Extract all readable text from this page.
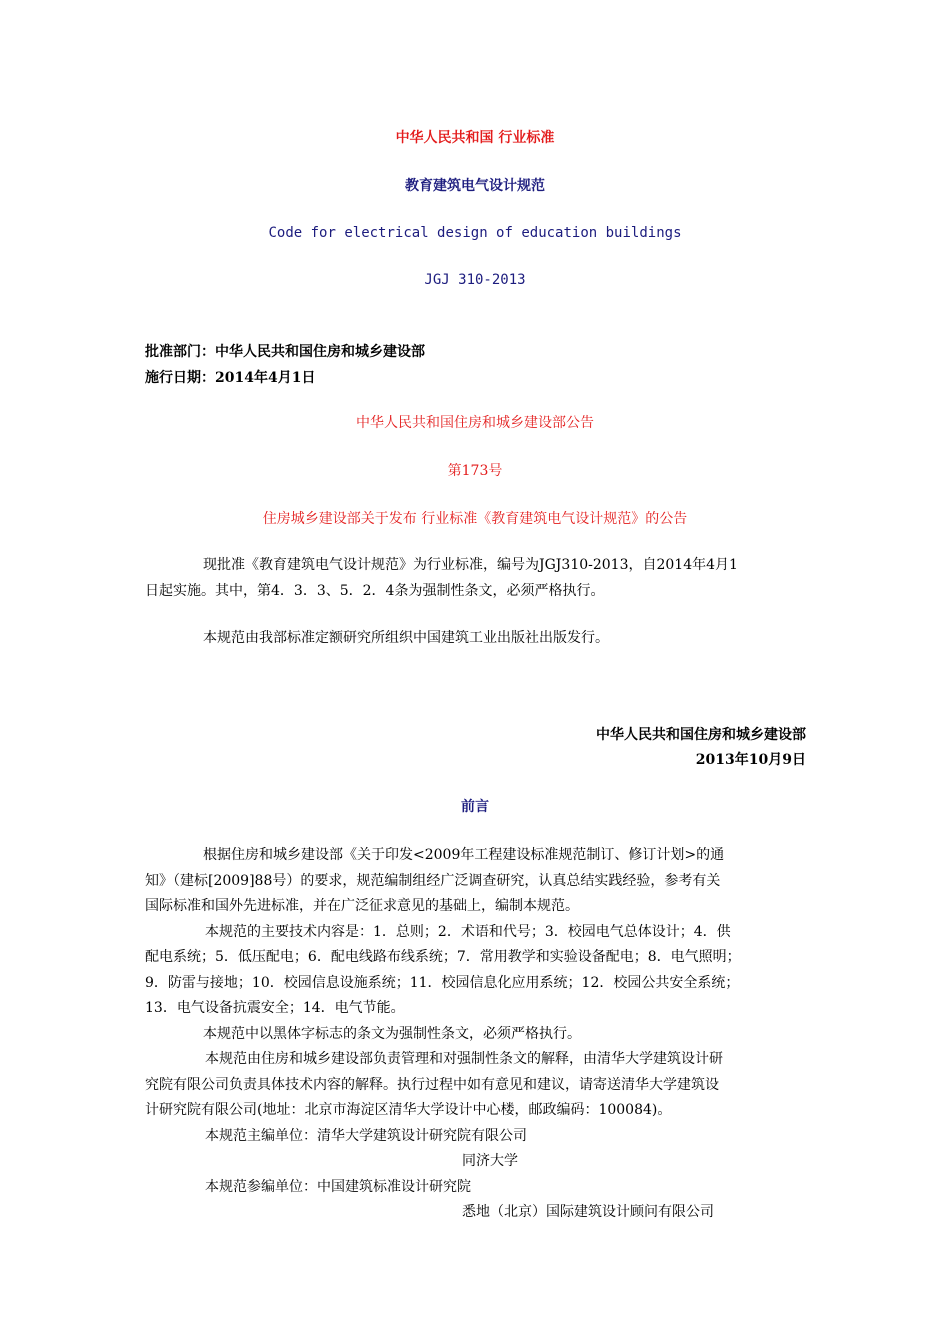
中华人民共和国 行业标准
教育建筑电气设计规范
Code for electrical design of education buildings
JGJ 310-2013
批准部门：中华人民共和国住房和城乡建设部
施行日期：2014年4月1日
中华人民共和国住房和城乡建设部公告
第173号
住房城乡建设部关于发布 行业标准《教育建筑电气设计规范》的公告
现批准《教育建筑电气设计规范》为行业标准，编号为JGJ310-2013，自2014年4月1
日起实施。其中，第4．3．3、5．2．4条为强制性条文，必须严格执行。
本规范由我部标准定额研究所组织中国建筑工业出版社出版发行。
中华人民共和国住房和城乡建设部
2013年10月9日
前言
根据住房和城乡建设部《关于印发<2009年工程建设标准规范制订、修订计划>的通
知》（建标[2009]88号）的要求，规范编制组经广泛调查研究，认真总结实践经验，参考有关
国际标准和国外先进标准，并在广泛征求意见的基础上，编制本规范。
本规范的主要技术内容是：1．总则；2．术语和代号；3．校园电气总体设计；4．供
配电系统；5．低压配电；6．配电线路布线系统；7．常用教学和实验设备配电；8．电气照明；
9．防雷与接地；10．校园信息设施系统；11．校园信息化应用系统；12．校园公共安全系统；
13．电气设备抗震安全；14．电气节能。
本规范中以黑体字标志的条文为强制性条文，必须严格执行。
本规范由住房和城乡建设部负责管理和对强制性条文的解释，由清华大学建筑设计研
究院有限公司负责具体技术内容的解释。执行过程中如有意见和建议，请寄送清华大学建筑设
计研究院有限公司(地址：北京市海淀区清华大学设计中心楼，邮政编码：100084)。
本规范主编单位：清华大学建筑设计研究院有限公司
同济大学
本规范参编单位：中国建筑标准设计研究院
悉地（北京）国际建筑设计顾问有限公司
